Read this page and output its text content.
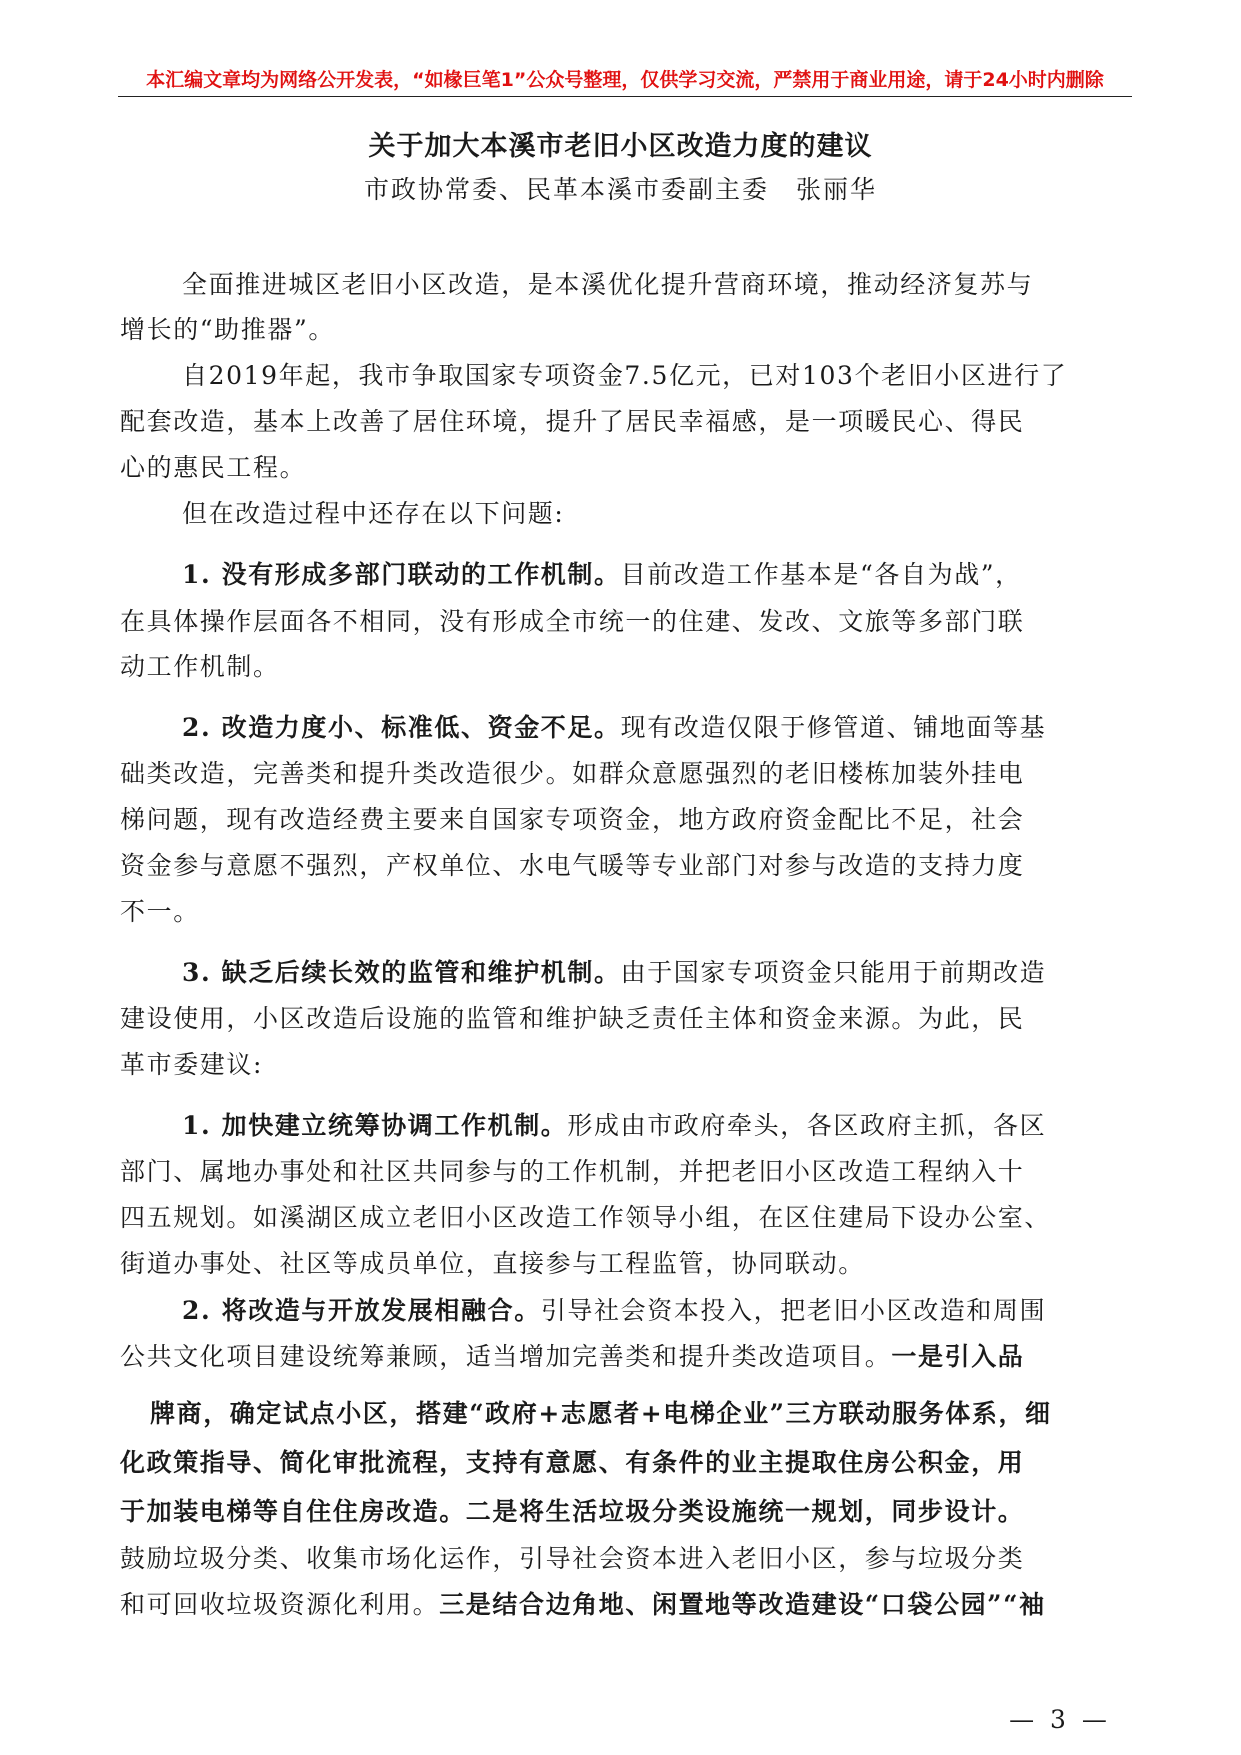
本汇编文章均为网络公开发表，“如椽巨笔1”公众号整理，仅供学习交流，严禁用于商业用途，请于24小时内删除
关于加大本溪市老旧小区改造力度的建议
市政协常委、民革本溪市委副主委　张丽华
全面推进城区老旧小区改造，是本溪优化提升营商环境，推动经济复苏与
增长的“助推器”。
自2019年起，我市争取国家专项资金7.5亿元，已对103个老旧小区进行了
配套改造，基本上改善了居住环境，提升了居民幸福感，是一项暖民心、得民
心的惠民工程。
但在改造过程中还存在以下问题:
1. 没有形成多部门联动的工作机制。目前改造工作基本是“各自为战”，
在具体操作层面各不相同，没有形成全市统一的住建、发改、文旅等多部门联
动工作机制。
2. 改造力度小、标准低、资金不足。现有改造仅限于修管道、铺地面等基
础类改造，完善类和提升类改造很少。如群众意愿强烈的老旧楼栋加装外挂电
梯问题，现有改造经费主要来自国家专项资金，地方政府资金配比不足，社会
资金参与意愿不强烈，产权单位、水电气暖等专业部门对参与改造的支持力度
不一。
3. 缺乏后续长效的监管和维护机制。由于国家专项资金只能用于前期改造
建设使用，小区改造后设施的监管和维护缺乏责任主体和资金来源。为此，民
革市委建议:
1. 加快建立统筹协调工作机制。形成由市政府牵头，各区政府主抓，各区
部门、属地办事处和社区共同参与的工作机制，并把老旧小区改造工程纳入十
四五规划。如溪湖区成立老旧小区改造工作领导小组，在区住建局下设办公室、
街道办事处、社区等成员单位，直接参与工程监管，协同联动。
2. 将改造与开放发展相融合。引导社会资本投入，把老旧小区改造和周围
公共文化项目建设统筹兼顾，适当增加完善类和提升类改造项目。一是引入品
牌商，确定试点小区，搭建“政府+志愿者+电梯企业”三方联动服务体系，细
化政策指导、简化审批流程，支持有意愿、有条件的业主提取住房公积金，用
于加装电梯等自住住房改造。二是将生活垃圾分类设施统一规划，同步设计。
鼓励垃圾分类、收集市场化运作，引导社会资本进入老旧小区，参与垃圾分类
和可回收垃圾资源化利用。三是结合边角地、闲置地等改造建设“口袋公园”“袖
— 3 —
